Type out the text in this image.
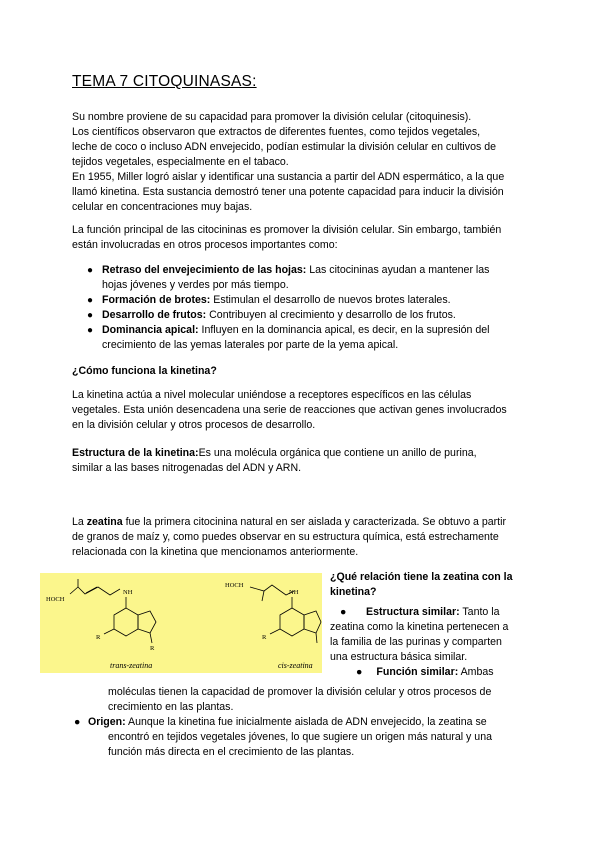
TEMA 7 CITOQUINASAS:

Su nombre proviene de su capacidad para promover la división celular (citoquinesis).

Los científicos observaron que extractos de diferentes fuentes, como tejidos vegetales,

leche de coco o incluso ADN envejecido, podían estimular la división celular en cultivos de

tejidos vegetales, especialmente en el tabaco.

En 1955, Miller logró aislar y identificar una sustancia a partir del ADN espermático, a la que

llamó kinetina. Esta sustancia demostró tener una potente capacidad para inducir la división

celular en concentraciones muy bajas.

La función principal de las citocininas es promover la división celular. Sin embargo, también

están involucradas en otros procesos importantes como:

● Retraso del envejecimiento de las hojas: Las citocininas ayudan a mantener las
hojas jóvenes y verdes por más tiempo.
● Formación de brotes: Estimulan el desarrollo de nuevos brotes laterales.
● Desarrollo de frutos: Contribuyen al crecimiento y desarrollo de los frutos.
● Dominancia apical: Influyen en la dominancia apical, es decir, en la supresión del
crecimiento de las yemas laterales por parte de la yema apical.

¿Cómo funciona la kinetina?

La kinetina actúa a nivel molecular uniéndose a receptores específicos en las células

vegetales. Esta unión desencadena una serie de reacciones que activan genes involucrados

en la división celular y otros procesos de desarrollo.

Estructura de la kinetina:Es una molécula orgánica que contiene un anillo de purina,

similar a las bases nitrogenadas del ADN y ARN.

La zeatina fue la primera citocinina natural en ser aislada y caracterizada. Se obtuvo a partir

de granos de maíz y, como puedes observar en su estructura química, está estrechamente

relacionada con la kinetina que mencionamos anteriormente.

HOCH
NH
R
R
trans-zeatina
HOCH
NH
R
cis-zeatina

¿Qué relación tiene la zeatina con la

kinetina?

● Estructura similar: Tanto la

zeatina como la kinetina pertenecen a

la familia de las purinas y comparten

una estructura básica similar.

● Función similar: Ambas

moléculas tienen la capacidad de promover la división celular y otros procesos de

crecimiento en las plantas.

● Origen: Aunque la kinetina fue inicialmente aislada de ADN envejecido, la zeatina se

encontró en tejidos vegetales jóvenes, lo que sugiere un origen más natural y una

función más directa en el crecimiento de las plantas.
